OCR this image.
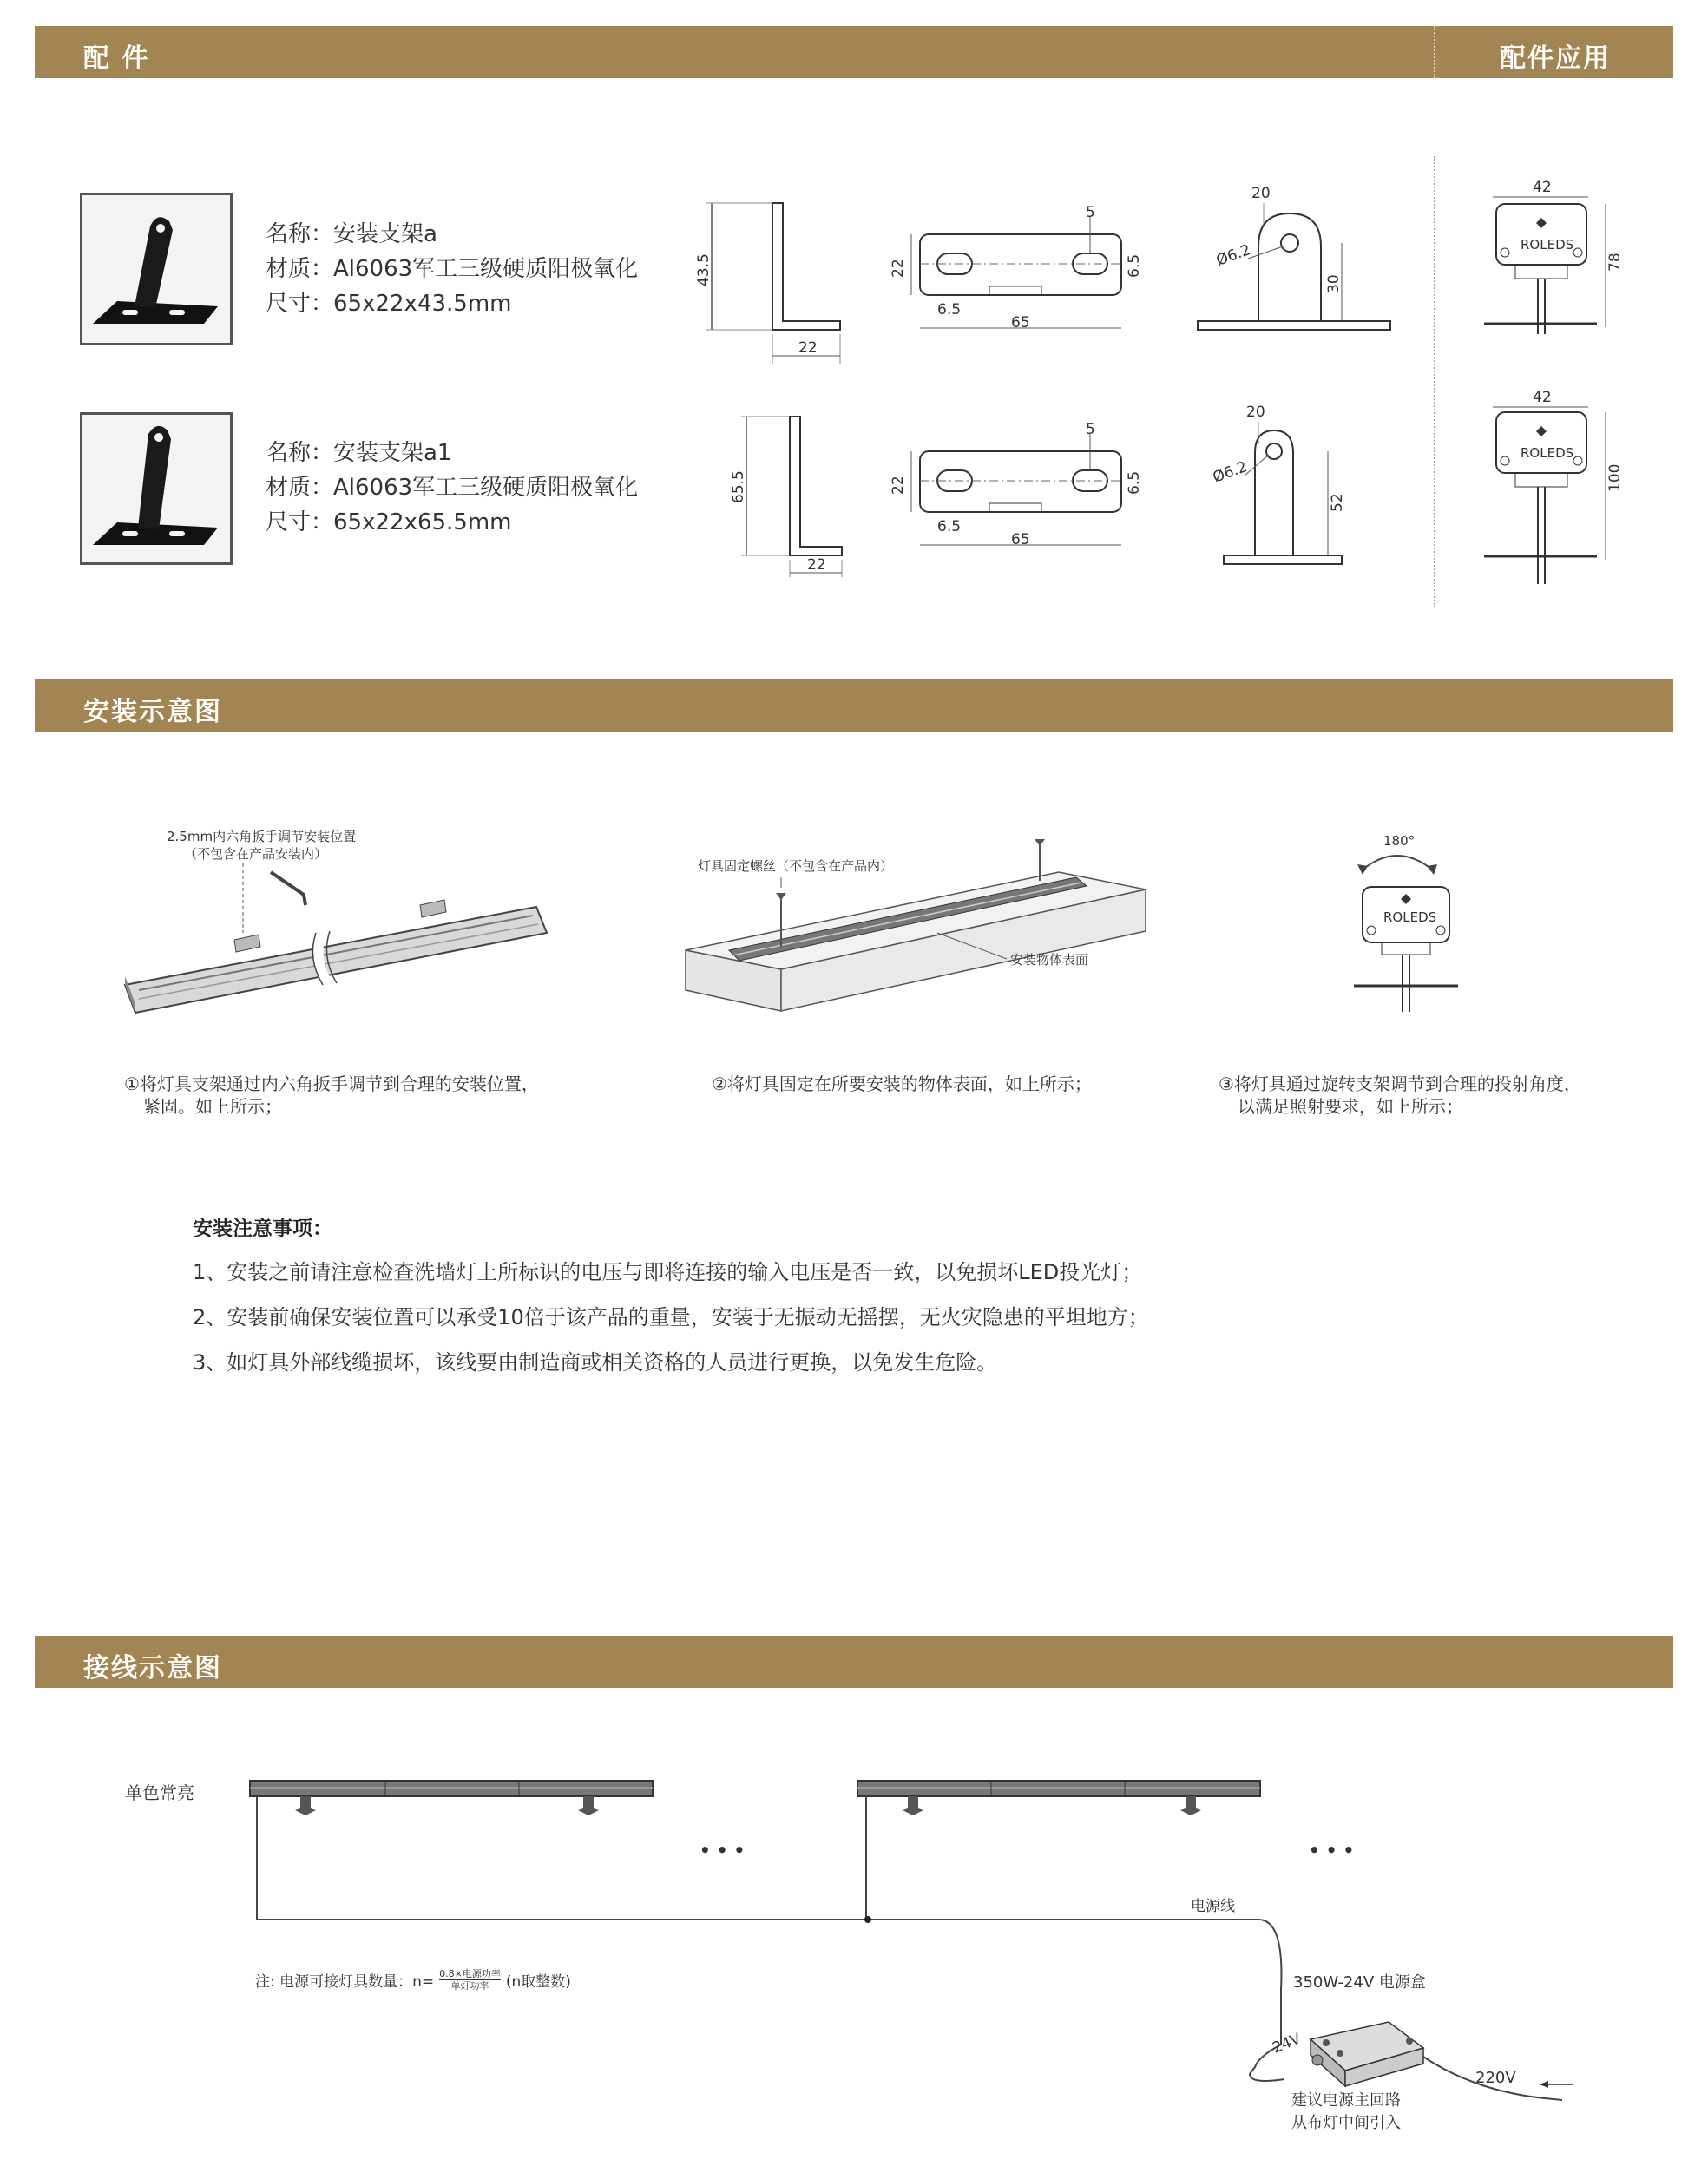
配 件	配件应用
名称：安装支架a
材质：Al6063军工三级硬质阳极氧化
尺寸：65x22x43.5mm
43.5
22
22
5
6.5
6.5
65
20
Ø6.2
30
42
ROLEDS
78
名称：安装支架a1
材质：Al6063军工三级硬质阳极氧化
尺寸：65x22x65.5mm
65.5
22
22
5
6.5
6.5
65
20
Ø6.2
52
42
ROLEDS
100
安装示意图
2.5mm内六角扳手调节安装位置
（不包含在产品安装内）
①将灯具支架通过内六角扳手调节到合理的安装位置，
紧固。如上所示；
灯具固定螺丝（不包含在产品内）
安装物体表面
②将灯具固定在所要安装的物体表面，如上所示；
180°
ROLEDS
③将灯具通过旋转支架调节到合理的投射角度，
以满足照射要求，如上所示；
安装注意事项：
1、安装之前请注意检查洗墙灯上所标识的电压与即将连接的输入电压是否一致，以免损坏LED投光灯；
2、安装前确保安装位置可以承受10倍于该产品的重量，安装于无振动无摇摆，无火灾隐患的平坦地方；
3、如灯具外部线缆损坏，该线要由制造商或相关资格的人员进行更换，以免发生危险。
接线示意图
单色常亮
• • •	• • •
电源线
注: 电源可接灯具数量：n= 0.8×电源功率
单灯功率 (n取整数)	350W-24V 电源盒
24V
220V
建议电源主回路
从布灯中间引入
